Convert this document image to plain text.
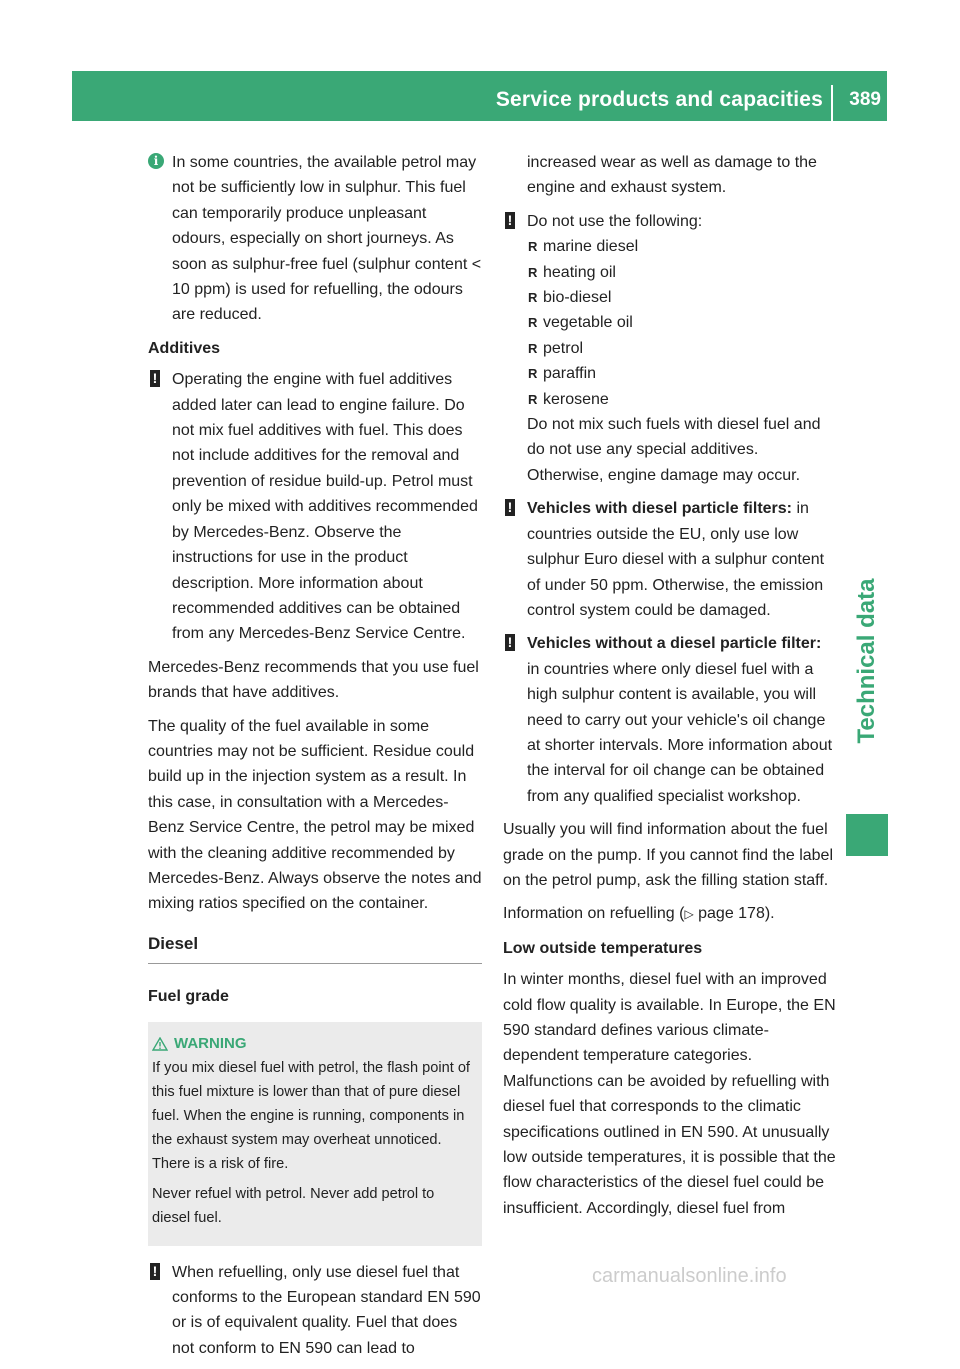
Service products and capacities 389
Technical data

i In some countries, the available petrol may not be sufficiently low in sulphur. This fuel can temporarily produce unpleasant odours, especially on short journeys. As soon as sulphur-free fuel (sulphur content < 10 ppm) is used for refuelling, the odours are reduced.

Additives

! Operating the engine with fuel additives added later can lead to engine failure. Do not mix fuel additives with fuel. This does not include additives for the removal and prevention of residue build-up. Petrol must only be mixed with additives recommended by Mercedes-Benz. Observe the instructions for use in the product description. More information about recommended additives can be obtained from any Mercedes-Benz Service Centre.

Mercedes-Benz recommends that you use fuel brands that have additives.

The quality of the fuel available in some countries may not be sufficient. Residue could build up in the injection system as a result. In this case, in consultation with a Mercedes-Benz Service Centre, the petrol may be mixed with the cleaning additive recommended by Mercedes-Benz. Always observe the notes and mixing ratios specified on the container.

Diesel
Fuel grade
WARNING

If you mix diesel fuel with petrol, the flash point of this fuel mixture is lower than that of pure diesel fuel. When the engine is running, components in the exhaust system may overheat unnoticed. There is a risk of fire.

Never refuel with petrol. Never add petrol to diesel fuel.

! When refuelling, only use diesel fuel that conforms to the European standard EN 590 or is of equivalent quality. Fuel that does not conform to EN 590 can lead to

increased wear as well as damage to the engine and exhaust system.

! Do not use the following:
R marine diesel
R heating oil
R bio-diesel
R vegetable oil
R petrol
R paraffin
R kerosene

Do not mix such fuels with diesel fuel and do not use any special additives. Otherwise, engine damage may occur.

! Vehicles with diesel particle filters: in countries outside the EU, only use low sulphur Euro diesel with a sulphur content of under 50 ppm. Otherwise, the emission control system could be damaged.

! Vehicles without a diesel particle filter: in countries where only diesel fuel with a high sulphur content is available, you will need to carry out your vehicle's oil change at shorter intervals. More information about the interval for oil change can be obtained from any qualified specialist workshop.

Usually you will find information about the fuel grade on the pump. If you cannot find the label on the petrol pump, ask the filling station staff.

Information on refuelling (▷ page 178).

Low outside temperatures

In winter months, diesel fuel with an improved cold flow quality is available. In Europe, the EN 590 standard defines various climate-dependent temperature categories. Malfunctions can be avoided by refuelling with diesel fuel that corresponds to the climatic specifications outlined in EN 590. At unusually low outside temperatures, it is possible that the flow characteristics of the diesel fuel could be insufficient. Accordingly, diesel fuel from

carmanualsonline.info
